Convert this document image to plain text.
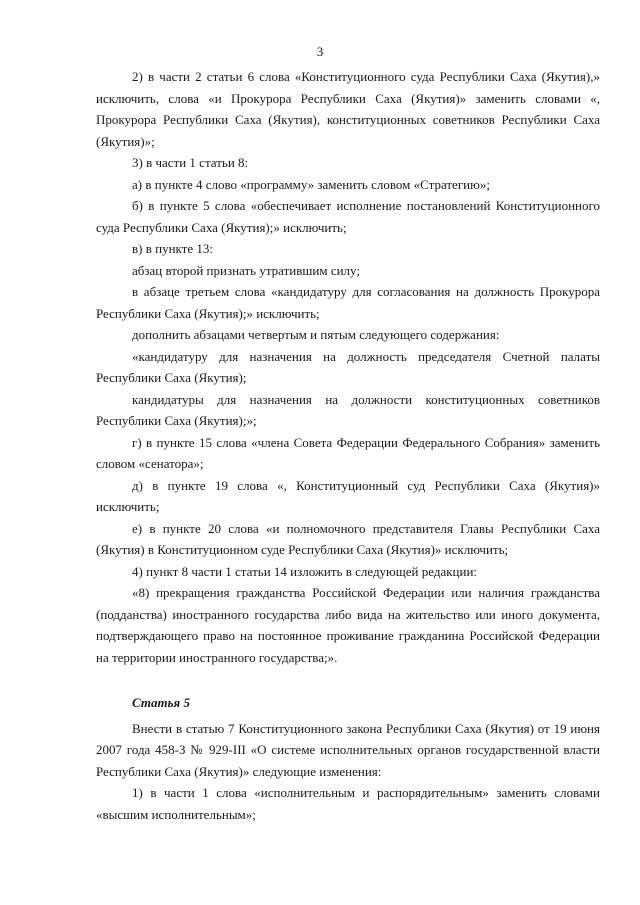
3

2) в части 2 статьи 6 слова «Конституционного суда Республики Саха (Якутия),» исключить, слова «и Прокурора Республики Саха (Якутия)» заменить словами «, Прокурора Республики Саха (Якутия), конституционных советников Республики Саха (Якутия)»;

3) в части 1 статьи 8:

а) в пункте 4 слово «программу» заменить словом «Стратегию»;

б) в пункте 5 слова «обеспечивает исполнение постановлений Конституционного суда Республики Саха (Якутия);» исключить;

в) в пункте 13:

абзац второй признать утратившим силу;

в абзаце третьем слова «кандидатуру для согласования на должность Прокурора Республики Саха (Якутия);» исключить;

дополнить абзацами четвертым и пятым следующего содержания:

«кандидатуру для назначения на должность председателя Счетной палаты Республики Саха (Якутия);

кандидатуры для назначения на должности конституционных советников Республики Саха (Якутия);»;

г) в пункте 15 слова «члена Совета Федерации Федерального Собрания» заменить словом «сенатора»;

д) в пункте 19 слова «, Конституционный суд Республики Саха (Якутия)» исключить;

е) в пункте 20 слова «и полномочного представителя Главы Республики Саха (Якутия) в Конституционном суде Республики Саха (Якутия)» исключить;

4) пункт 8 части 1 статьи 14 изложить в следующей редакции:

«8) прекращения гражданства Российской Федерации или наличия гражданства (подданства) иностранного государства либо вида на жительство или иного документа, подтверждающего право на постоянное проживание гражданина Российской Федерации на территории иностранного государства;».

Статья 5

Внести в статью 7 Конституционного закона Республики Саха (Якутия) от 19 июня 2007 года 458-З № 929-III «О системе исполнительных органов государственной власти Республики Саха (Якутия)» следующие изменения:

1) в части 1 слова «исполнительным и распорядительным» заменить словами «высшим исполнительным»;
